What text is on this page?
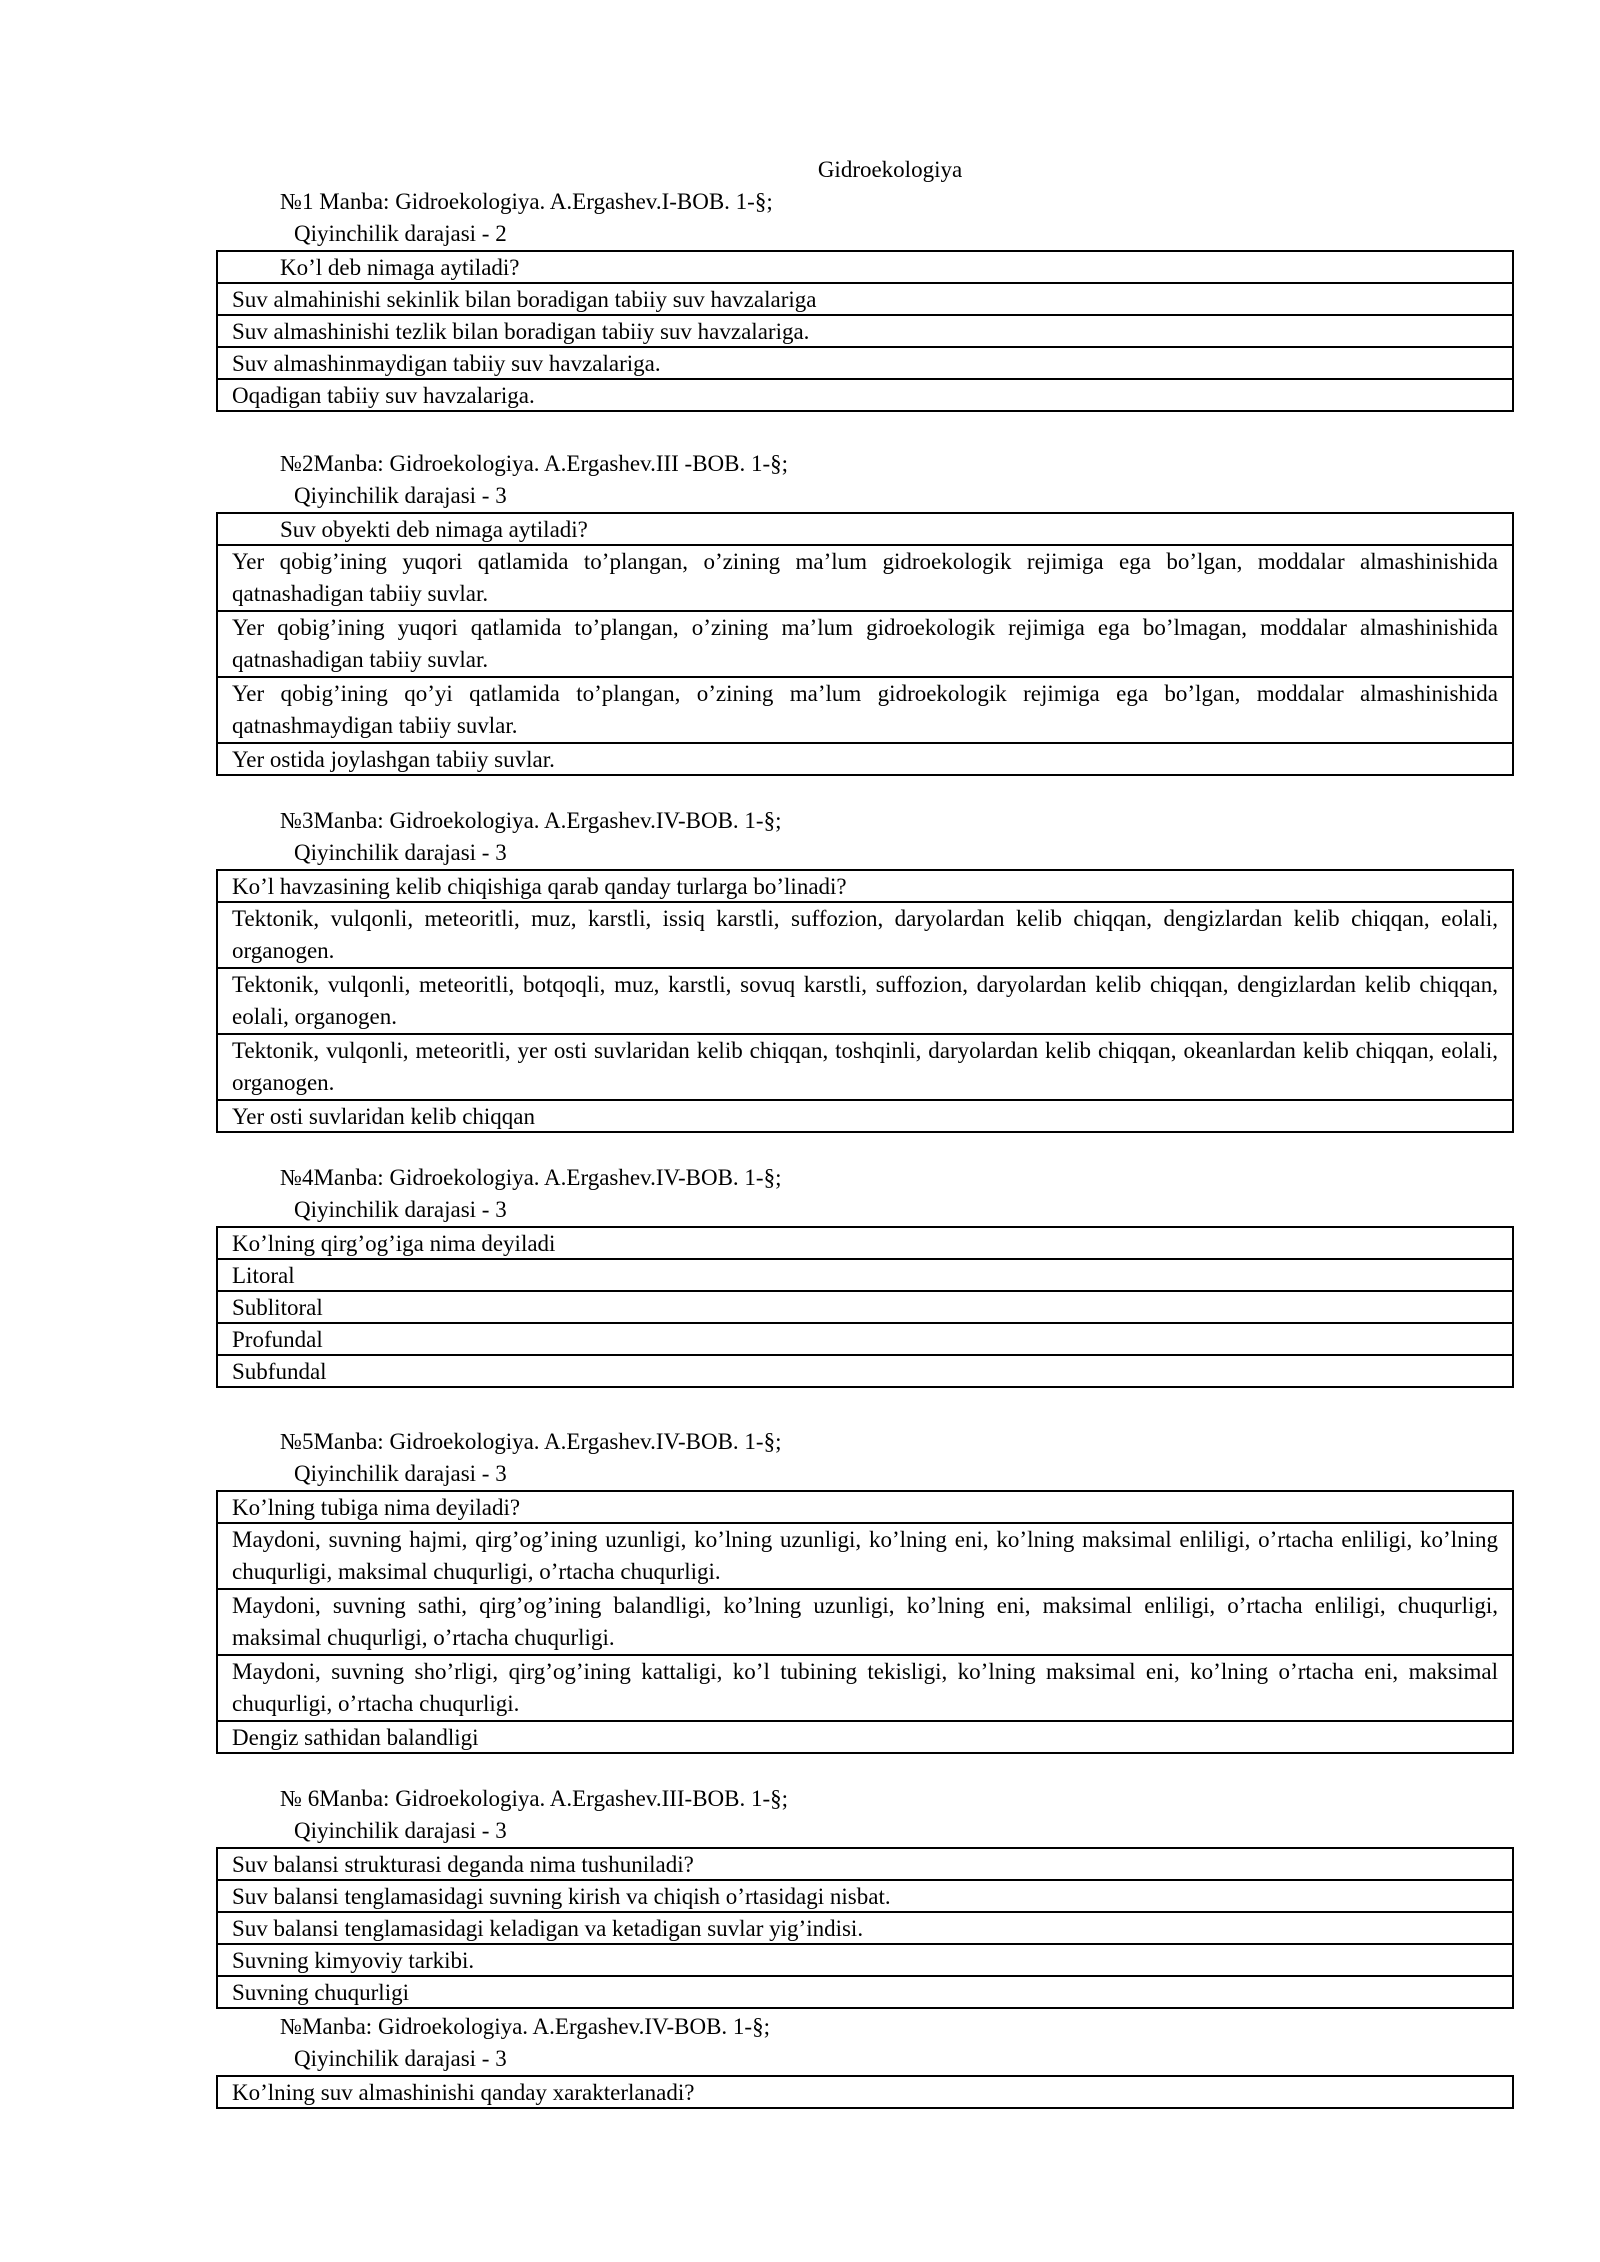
Gidroekologiya
№1 Manba: Gidroekologiya. A.Ergashev.I-BOB. 1-§;
Qiyinchilik darajasi - 2
Ko’l deb nimaga aytiladi?
Suv almahinishi sekinlik bilan boradigan tabiiy suv havzalariga
Suv almashinishi tezlik bilan boradigan tabiiy suv havzalariga.
Suv almashinmaydigan tabiiy suv havzalariga.
Oqadigan tabiiy suv havzalariga.
№2Manba: Gidroekologiya. A.Ergashev.III -BOB. 1-§;
Qiyinchilik darajasi - 3
Suv obyekti deb nimaga aytiladi?
Yer qobig’ining yuqori qatlamida to’plangan, o’zining ma’lum gidroekologik rejimiga ega bo’lgan, moddalar almashinishida qatnashadigan tabiiy suvlar.
Yer qobig’ining yuqori qatlamida to’plangan, o’zining ma’lum gidroekologik rejimiga ega bo’lmagan, moddalar almashinishida qatnashadigan tabiiy suvlar.
Yer qobig’ining qo’yi qatlamida to’plangan, o’zining ma’lum gidroekologik rejimiga ega bo’lgan, moddalar almashinishida qatnashmaydigan tabiiy suvlar.
Yer ostida joylashgan tabiiy suvlar.
№3Manba: Gidroekologiya. A.Ergashev.IV-BOB. 1-§;
Qiyinchilik darajasi - 3
Ko’l havzasining kelib chiqishiga qarab qanday turlarga bo’linadi?
Tektonik, vulqonli, meteoritli, muz, karstli, issiq karstli, suffozion, daryolardan kelib chiqqan, dengizlardan kelib chiqqan, eolali, organogen.
Tektonik, vulqonli, meteoritli, botqoqli, muz, karstli, sovuq karstli, suffozion, daryolardan kelib chiqqan, dengizlardan kelib chiqqan, eolali, organogen.
Tektonik, vulqonli, meteoritli, yer osti suvlaridan kelib chiqqan, toshqinli, daryolardan kelib chiqqan, okeanlardan kelib chiqqan, eolali, organogen.
Yer osti suvlaridan kelib chiqqan
№4Manba: Gidroekologiya. A.Ergashev.IV-BOB. 1-§;
Qiyinchilik darajasi - 3
Ko’lning qirg’og’iga nima deyiladi
Litoral
Sublitoral
Profundal
Subfundal
№5Manba: Gidroekologiya. A.Ergashev.IV-BOB. 1-§;
Qiyinchilik darajasi - 3
Ko’lning tubiga nima deyiladi?
Maydoni, suvning hajmi, qirg’og’ining uzunligi, ko’lning uzunligi, ko’lning eni, ko’lning maksimal enliligi, o’rtacha enliligi, ko’lning chuqurligi, maksimal chuqurligi, o’rtacha chuqurligi.
Maydoni, suvning sathi, qirg’og’ining balandligi, ko’lning uzunligi, ko’lning eni, maksimal enliligi, o’rtacha enliligi, chuqurligi, maksimal chuqurligi, o’rtacha chuqurligi.
Maydoni, suvning sho’rligi, qirg’og’ining kattaligi, ko’l tubining tekisligi, ko’lning maksimal eni, ko’lning o’rtacha eni, maksimal chuqurligi, o’rtacha chuqurligi.
Dengiz sathidan balandligi
№ 6Manba: Gidroekologiya. A.Ergashev.III-BOB. 1-§;
Qiyinchilik darajasi - 3
Suv balansi strukturasi deganda nima tushuniladi?
Suv balansi tenglamasidagi suvning kirish va chiqish o’rtasidagi nisbat.
Suv balansi tenglamasidagi keladigan va ketadigan suvlar yig’indisi.
Suvning kimyoviy tarkibi.
Suvning chuqurligi
№Manba: Gidroekologiya. A.Ergashev.IV-BOB. 1-§;
Qiyinchilik darajasi - 3
Ko’lning suv almashinishi qanday xarakterlanadi?
